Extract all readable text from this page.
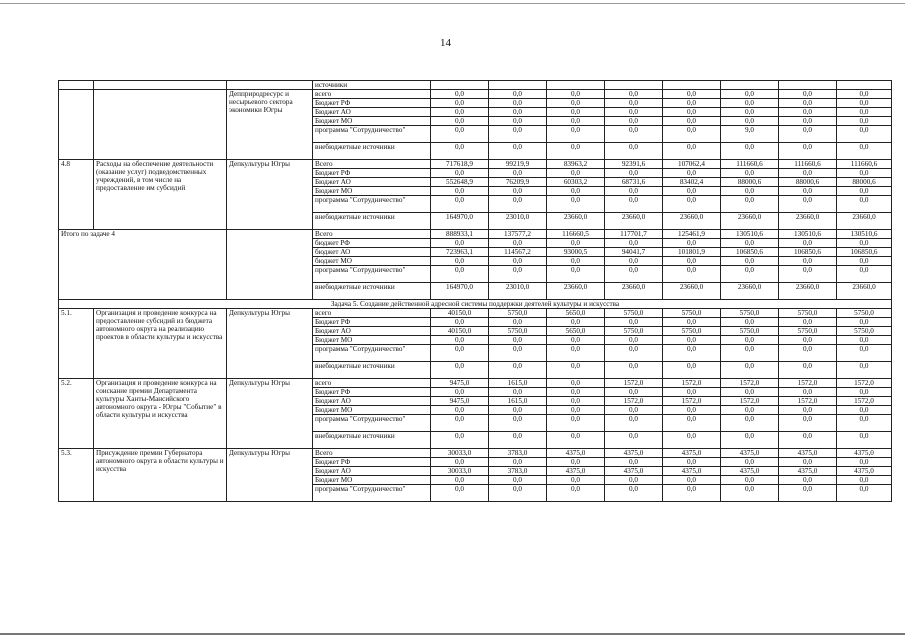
14
			источники								
		Депприродресурс и несырьевого сектора экономики Югры	всего	0,0	0,0	0,0	0,0	0,0	0,0	0,0	0,0
			Бюджет РФ	0,0	0,0	0,0	0,0	0,0	0,0	0,0	0,0
			Бюджет АО	0,0	0,0	0,0	0,0	0,0	0,0	0,0	0,0
			Бюджет МО	0,0	0,0	0,0	0,0	0,0	0,0	0,0	0,0
			программа "Сотрудничество"	0,0	0,0	0,0	0,0	0,0	9,0	0,0	0,0
			внебюджетные источники	0,0	0,0	0,0	0,0	0,0	0,0	0,0	0,0
4.8	Расходы на обеспечение деятельности (оказание услуг) подведомственных учреждений, в том числе на предоставление им субсидий	Депкультуры Югры	Всего	717618,9	99219,9	83963,2	92391,6	107062,4	111660,6	111660,6	111660,6
			Бюджет РФ	0,0	0,0	0,0	0,0	0,0	0,0	0,0	0,0
			Бюджет АО	552648,9	76209,9	60303,2	68731,6	83402,4	88000,6	88000,6	88000,6
			Бюджет МО	0,0	0,0	0,0	0,0	0,0	0,0	0,0	0,0
			программа "Сотрудничество"	0,0	0,0	0,0	0,0	0,0	0,0	0,0	0,0
			внебюджетные источники	164970,0	23010,0	23660,0	23660,0	23660,0	23660,0	23660,0	23660,0
Итого по задаче 4			Всего	888933,1	137577,2	116660,5	117701,7	125461,9	130510,6	130510,6	130510,6
			бюджет РФ	0,0	0,0	0,0	0,0	0,0	0,0	0,0	0,0
			бюджет АО	723963,1	114567,2	93000,5	94041,7	101801,9	106850,6	106850,6	106850,6
			бюджет МО	0,0	0,0	0,0	0,0	0,0	0,0	0,0	0,0
			программа "Сотрудничество"	0,0	0,0	0,0	0,0	0,0	0,0	0,0	0,0
			внебюджетные источники	164970,0	23010,0	23660,0	23660,0	23660,0	23660,0	23660,0	23660,0
Задача 5. Создание действенной адресной системы поддержки деятелей культуры и искусства											
5.1.	Организация и проведение конкурса на предоставление субсидий из бюджета автономного округа на реализацию проектов в области культуры и искусства	Депкультуры Югры	всего	40150,0	5750,0	5650,0	5750,0	5750,0	5750,0	5750,0	5750,0
			Бюджет РФ	0,0	0,0	0,0	0,0	0,0	0,0	0,0	0,0
			Бюджет АО	40150,0	5750,0	5650,0	5750,0	5750,0	5750,0	5750,0	5750,0
			Бюджет МО	0,0	0,0	0,0	0,0	0,0	0,0	0,0	0,0
			программа "Сотрудничество"	0,0	0,0	0,0	0,0	0,0	0,0	0,0	0,0
			внебюджетные источники	0,0	0,0	0,0	0,0	0,0	0,0	0,0	0,0
5.2.	Организация и проведение конкурса на соискание премии Департамента культуры Ханты-Мансийского автономного округа - Югры "Событие" в области культуры и искусства	Депкультуры Югры	всего	9475,0	1615,0	0,0	1572,0	1572,0	1572,0	1572,0	1572,0
			Бюджет РФ	0,0	0,0	0,0	0,0	0,0	0,0	0,0	0,0
			Бюджет АО	9475,0	1615,0	0,0	1572,0	1572,0	1572,0	1572,0	1572,0
			Бюджет МО	0,0	0,0	0,0	0,0	0,0	0,0	0,0	0,0
			программа "Сотрудничество"	0,0	0,0	0,0	0,0	0,0	0,0	0,0	0,0
			внебюджетные источники	0,0	0,0	0,0	0,0	0,0	0,0	0,0	0,0
5.3.	Присуждение премии Губернатора автономного округа в области культуры и искусства	Депкультуры Югры	Всего	30033,0	3783,0	4375,0	4375,0	4375,0	4375,0	4375,0	4375,0
			Бюджет РФ	0,0	0,0	0,0	0,0	0,0	0,0	0,0	0,0
			Бюджет АО	30033,0	3783,0	4375,0	4375,0	4375,0	4375,0	4375,0	4375,0
			Бюджет МО	0,0	0,0	0,0	0,0	0,0	0,0	0,0	0,0
			программа "Сотрудничество"	0,0	0,0	0,0	0,0	0,0	0,0	0,0	0,0
